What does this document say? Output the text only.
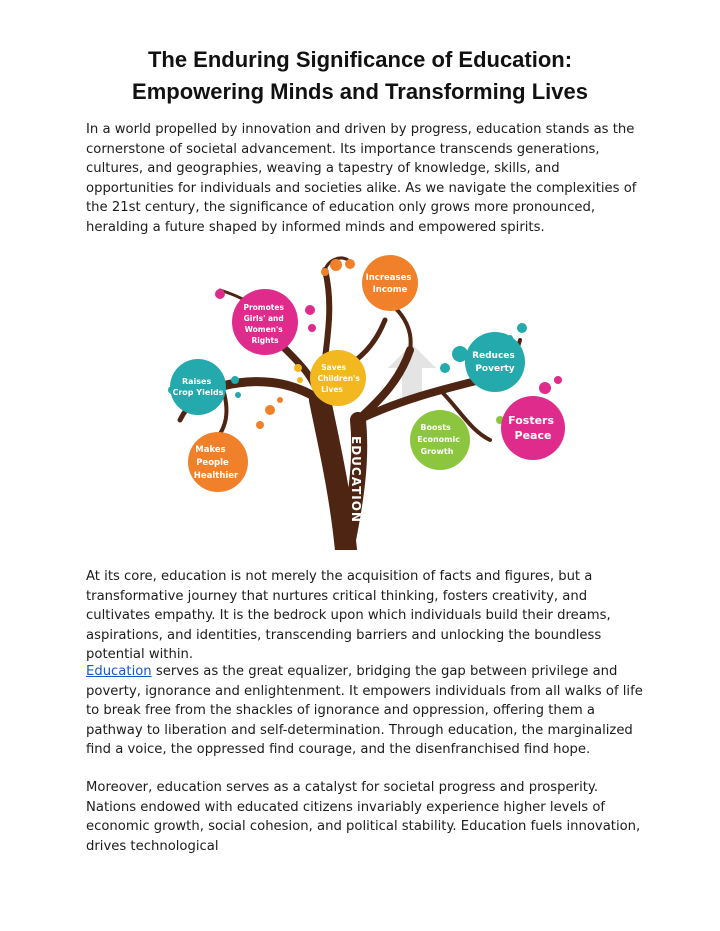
The Enduring Significance of Education:
Empowering Minds and Transforming Lives

In a world propelled by innovation and driven by progress, education stands as the cornerstone of societal advancement. Its importance transcends generations, cultures, and geographies, weaving a tapestry of knowledge, skills, and opportunities for individuals and societies alike. As we navigate the complexities of the 21st century, the significance of education only grows more pronounced, heralding a future shaped by informed minds and empowered spirits.

Increases Income
Promotes Girls' and Women's Rights
Saves Children's Lives
Reduces Poverty
Raises Crop Yields
Fosters Peace
Boosts Economic Growth
Makes People Healthier	EDUCATION

At its core, education is not merely the acquisition of facts and figures, but a transformative journey that nurtures critical thinking, fosters creativity, and cultivates empathy. It is the bedrock upon which individuals build their dreams, aspirations, and identities, transcending barriers and unlocking the boundless potential within.

Education serves as the great equalizer, bridging the gap between privilege and poverty, ignorance and enlightenment. It empowers individuals from all walks of life to break free from the shackles of ignorance and oppression, offering them a pathway to liberation and self-determination. Through education, the marginalized find a voice, the oppressed find courage, and the disenfranchised find hope.

Moreover, education serves as a catalyst for societal progress and prosperity. Nations endowed with educated citizens invariably experience higher levels of economic growth, social cohesion, and political stability. Education fuels innovation, drives technological
